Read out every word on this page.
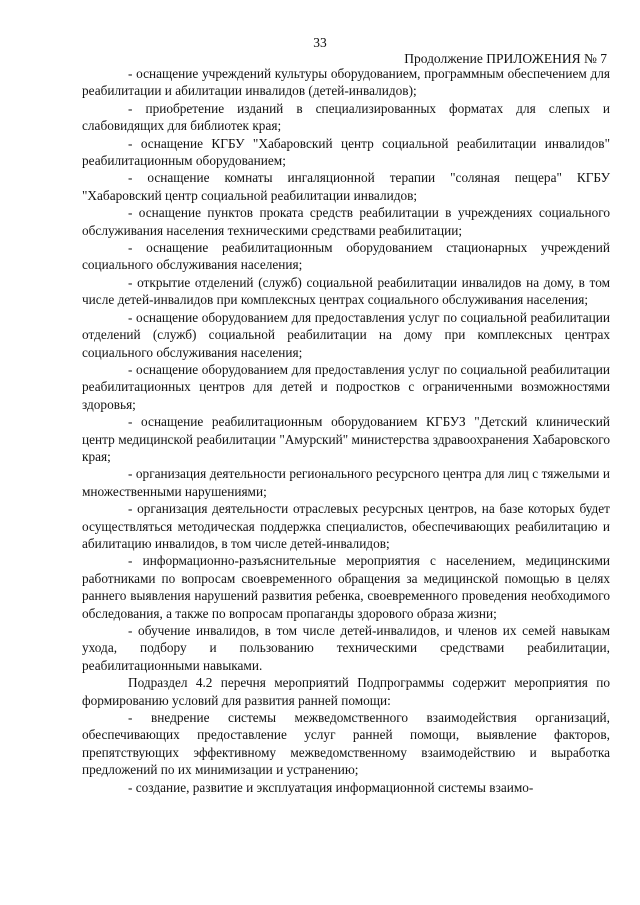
33
Продолжение ПРИЛОЖЕНИЯ № 7

- оснащение учреждений культуры оборудованием, программным обеспечением для реабилитации и абилитации инвалидов (детей-инвалидов);

- приобретение изданий в специализированных форматах для слепых и слабовидящих для библиотек края;

- оснащение КГБУ "Хабаровский центр социальной реабилитации инвалидов" реабилитационным оборудованием;

- оснащение комнаты ингаляционной терапии "соляная пещера" КГБУ "Хабаровский центр социальной реабилитации инвалидов;

- оснащение пунктов проката средств реабилитации в учреждениях социального обслуживания населения техническими средствами реабилитации;

- оснащение реабилитационным оборудованием стационарных учреждений социального обслуживания населения;

- открытие отделений (служб) социальной реабилитации инвалидов на дому, в том числе детей-инвалидов при комплексных центрах социального обслуживания населения;

- оснащение оборудованием для предоставления услуг по социальной реабилитации отделений (служб) социальной реабилитации на дому при комплексных центрах социального обслуживания населения;

- оснащение оборудованием для предоставления услуг по социальной реабилитации реабилитационных центров для детей и подростков с ограниченными возможностями здоровья;

- оснащение реабилитационным оборудованием КГБУЗ "Детский клинический центр медицинской реабилитации "Амурский" министерства здравоохранения Хабаровского края;

- организация деятельности регионального ресурсного центра для лиц с тяжелыми и множественными нарушениями;

- организация деятельности отраслевых ресурсных центров, на базе которых будет осуществляться методическая поддержка специалистов, обеспечивающих реабилитацию и абилитацию инвалидов, в том числе детей-инвалидов;

- информационно-разъяснительные мероприятия с населением, медицинскими работниками по вопросам своевременного обращения за медицинской помощью в целях раннего выявления нарушений развития ребенка, своевременного проведения необходимого обследования, а также по вопросам пропаганды здорового образа жизни;

- обучение инвалидов, в том числе детей-инвалидов, и членов их семей навыкам ухода, подбору и пользованию техническими средствами реабилитации, реабилитационными навыками.

Подраздел 4.2 перечня мероприятий Подпрограммы содержит мероприятия по формированию условий для развития ранней помощи:

- внедрение системы межведомственного взаимодействия организаций, обеспечивающих предоставление услуг ранней помощи, выявление факторов, препятствующих эффективному межведомственному взаимодействию и выработка предложений по их минимизации и устранению;

- создание, развитие и эксплуатация информационной системы взаимо-
